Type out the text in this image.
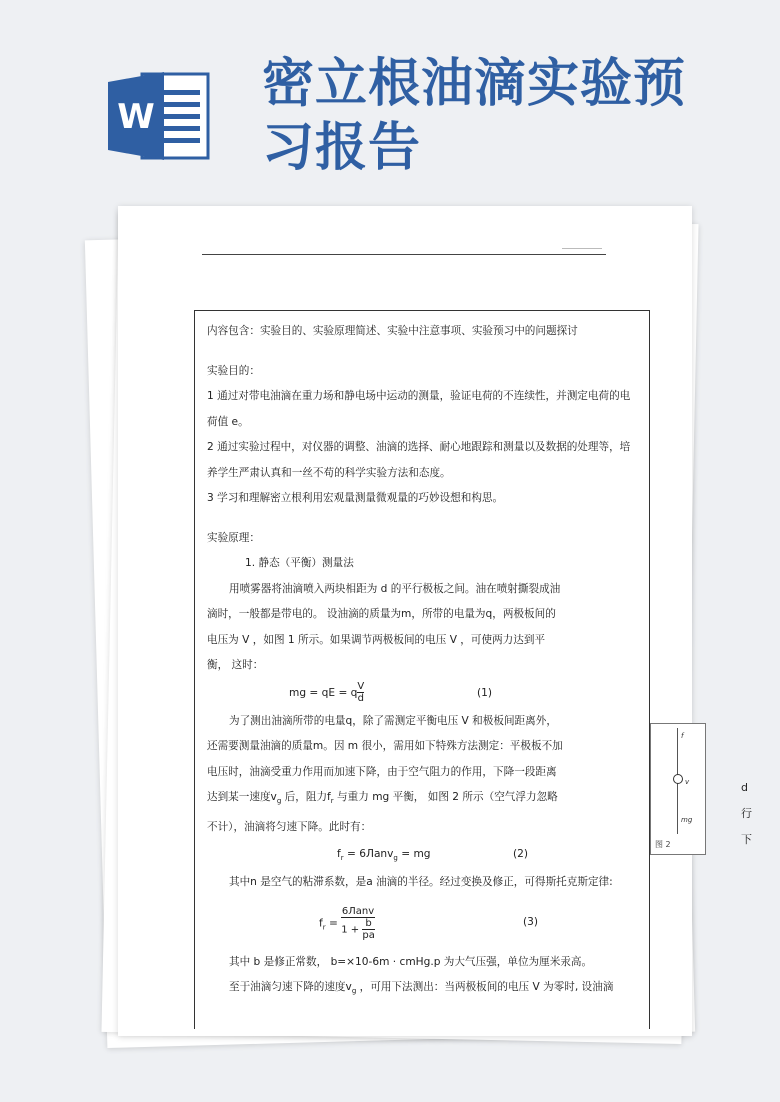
W
密立根油滴实验预习报告

内容包含：实验目的、实验原理简述、实验中注意事项、实验预习中的问题探讨

实验目的：

1 通过对带电油滴在重力场和静电场中运动的测量，验证电荷的不连续性，并测定电荷的电荷值 e。

2 通过实验过程中，对仪器的调整、油滴的选择、耐心地跟踪和测量以及数据的处理等，培养学生严肃认真和一丝不苟的科学实验方法和态度。

3 学习和理解密立根利用宏观量测量微观量的巧妙设想和构思。

实验原理：

1. 静态（平衡）测量法

用喷雾器将油滴喷入两块相距为 d 的平行极板之间。油在喷射撕裂成油滴时，一般都是带电的。 设油滴的质量为m，所带的电量为q，两极板间的电压为 V ，如图 1 所示。如果调节两极板间的电压 V ，可使两力达到平衡， 这时：

mg = qE = q $\frac{V}{d}$	(1)

为了测出油滴所带的电量q，除了需测定平衡电压 V 和极板间距离外，还需要测量油滴的质量m。因 m 很小，需用如下特殊方法测定：平极板不加电压时，油滴受重力作用而加速下降，由于空气阻力的作用，下降一段距离达到某一速度$v_g$ 后，阻力$f_r$ 与重力 mg 平衡， 如图 2 所示（空气浮力忽略不计），油滴将匀速下降。此时有：

$f_r$ = 6Лanv$_g$ = mg	(2)

其中n 是空气的粘滞系数，是a 油滴的半径。经过变换及修正，可得斯托克斯定律:

$f_r = \frac{\text{6Лanv}}{1 + \frac{b}{pa}}$	(3)

其中 b 是修正常数， b=×10-6m · cmHg.p 为大气压强，单位为厘米汞高。

至于油滴匀速下降的速度$v_g$ ，可用下法测出：当两极板间的电压 V 为零时, 设油滴

f
v
mg
图 2
d
行
下
